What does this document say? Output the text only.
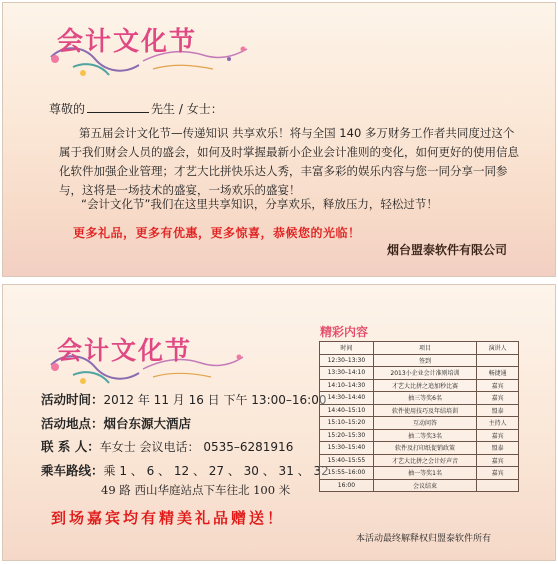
会计文化节
尊敬的	先生 / 女士：
第五届会计文化节—传递知识 共享欢乐！将与全国 140 多万财务工作者共同度过这个属于我们财会人员的盛会，如何及时掌握最新小企业会计准则的变化，如何更好的使用信息化软件加强企业管理；才艺大比拼快乐达人秀，丰富多彩的娱乐内容与您一同分享一同参与，这将是一场技术的盛宴，一场欢乐的盛宴！
“会计文化节”我们在这里共享知识，分享欢乐，释放压力，轻松过节！
更多礼品，更多有优惠，更多惊喜，恭候您的光临！
烟台盟泰软件有限公司
会计文化节
活动时间：2012 年 11 月 16 日 下午 13:00–16:00
活动地点：烟台东源大酒店
联 系 人：车女士 会议电话： 0535–6281916
乘车路线：乘 1 、 6 、 12 、 27 、 30 、 31 、 32
49 路 西山华庭站点下车往北 100 米
到场嘉宾均有精美礼品赠送！
精彩内容
时间	项目	演讲人
12:30–13:30	签到	
13:30–14:10	2013小企业会计准则培训	畅捷通
14:10–14:30	才艺大比拼之追加秒比赛	嘉宾
14:30–14:40	抽三等奖6名	嘉宾
14:40–15:10	软件使用技巧及年结培训	盟泰
15:10–15:20	互动问答	主持人
15:20–15:30	抽二等奖3名	嘉宾
15:30–15:40	软件及打印纸促销政策	盟泰
15:40–15:55	才艺大比拼之会计好声音	嘉宾
15:55–16:00	抽一等奖1名	嘉宾
16:00	会议结束	
本活动最终解释权归盟泰软件所有
